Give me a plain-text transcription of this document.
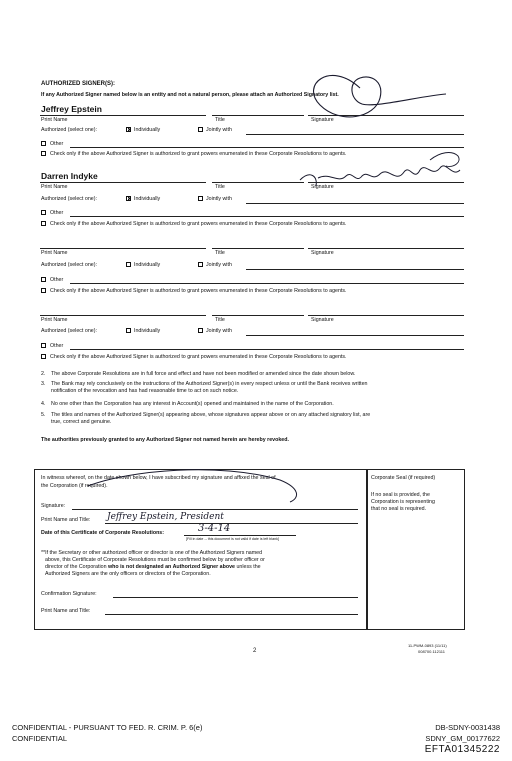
AUTHORIZED SIGNER(S):
If any Authorized Signer named below is an entity and not a natural person, please attach an Authorized Signatory list.
Jeffrey Epstein
Print Name	Title	Signature
Authorized (select one):	Individually	Jointly with
Other
Check only if the above Authorized Signer is authorized to grant powers enumerated in these Corporate Resolutions to agents.
Darren Indyke
Print Name	Title	Signature
Authorized (select one):	Individually	Jointly with
Other
Check only if the above Authorized Signer is authorized to grant powers enumerated in these Corporate Resolutions to agents.
Print Name	Title	Signature
Authorized (select one):	Individually	Jointly with
Other
Check only if the above Authorized Signer is authorized to grant powers enumerated in these Corporate Resolutions to agents.
Print Name	Title	Signature
Authorized (select one):	Individually	Jointly with
Other
Check only if the above Authorized Signer is authorized to grant powers enumerated in these Corporate Resolutions to agents.
2. The above Corporate Resolutions are in full force and effect and have not been modified or amended since the date shown below.
3. The Bank may rely conclusively on the instructions of the Authorized Signer(s) in every respect unless or until the Bank receives written
notification of the revocation and has had reasonable time to act on such notice.
4. No one other than the Corporation has any interest in Account(s) opened and maintained in the name of the Corporation.
5. The titles and names of the Authorized Signer(s) appearing above, whose signatures appear above or on any attached signatory list, are
true, correct and genuine.
The authorities previously granted to any Authorized Signer not named herein are hereby revoked.
In witness whereof, on the date shown below, I have subscribed my signature and affixed the seal of
the Corporation (if required).
Signature:
Print Name and Title: Jeffrey Epstein, President
Date of this Certificate of Corporate Resolutions:	3-4-14
[Fill in date -- this document is not valid if date is left blank]
**If the Secretary or other authorized officer or director is one of the Authorized Signers named
above, this Certificate of Corporate Resolutions must be confirmed below by another officer or
director of the Corporation who is not designated an Authorized Signer above unless the
Authorized Signers are the only officers or directors of the Corporation.
Confirmation Signature:
Print Name and Title:
Corporate Seal (if required)
If no seal is provided, the
Corporation is representing
that no seal is required.
2
11-PWM-0893 (11/11)
008700.112111
CONFIDENTIAL - PURSUANT TO FED. R. CRIM. P. 6(e)
CONFIDENTIAL
DB-SDNY-0031438
SDNY_GM_00177622
EFTA01345222
